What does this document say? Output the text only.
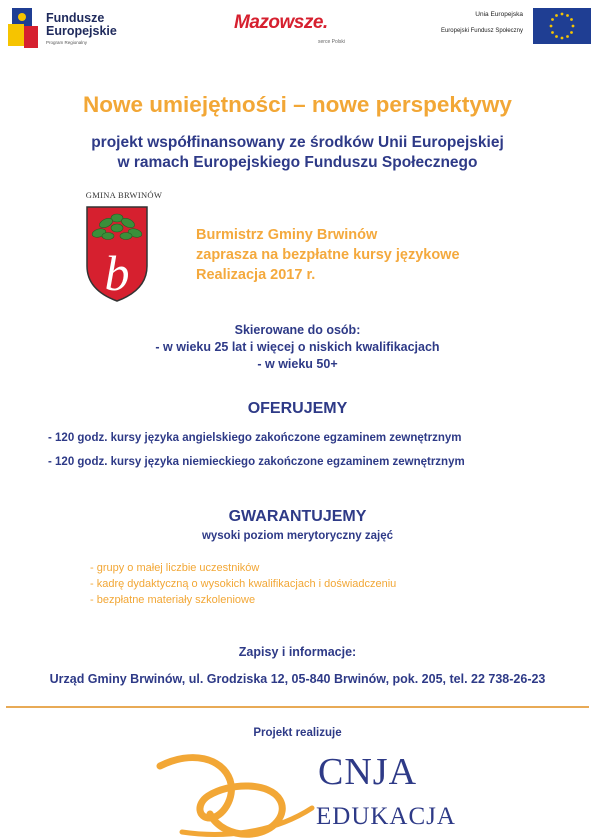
Fundusze
Europejskie
Program Regionalny
Mazowsze.
serce Polski
Unia Europejska
Europejski Fundusz Społeczny
Nowe umiejętności – nowe perspektywy
projekt współfinansowany ze środków Unii Europejskiej
w ramach Europejskiego Funduszu Społecznego
GMINA BRWINÓW
b
Burmistrz Gminy Brwinów
zaprasza na bezpłatne kursy językowe
Realizacja 2017 r.
Skierowane do osób:
- w wieku 25 lat i więcej o niskich kwalifikacjach
- w wieku 50+
OFERUJEMY
- 120 godz. kursy języka angielskiego zakończone egzaminem zewnętrznym
- 120 godz. kursy języka niemieckiego zakończone egzaminem zewnętrznym
GWARANTUJEMY
wysoki poziom merytoryczny zajęć
- grupy o małej liczbie uczestników
- kadrę dydaktyczną o wysokich kwalifikacjach i doświadczeniu
- bezpłatne materiały szkoleniowe
Zapisy i informacje:
Urząd Gminy Brwinów, ul. Grodziska 12, 05-840 Brwinów, pok. 205, tel. 22 738-26-23
Projekt realizuje
CNJA
EDUKACJA
